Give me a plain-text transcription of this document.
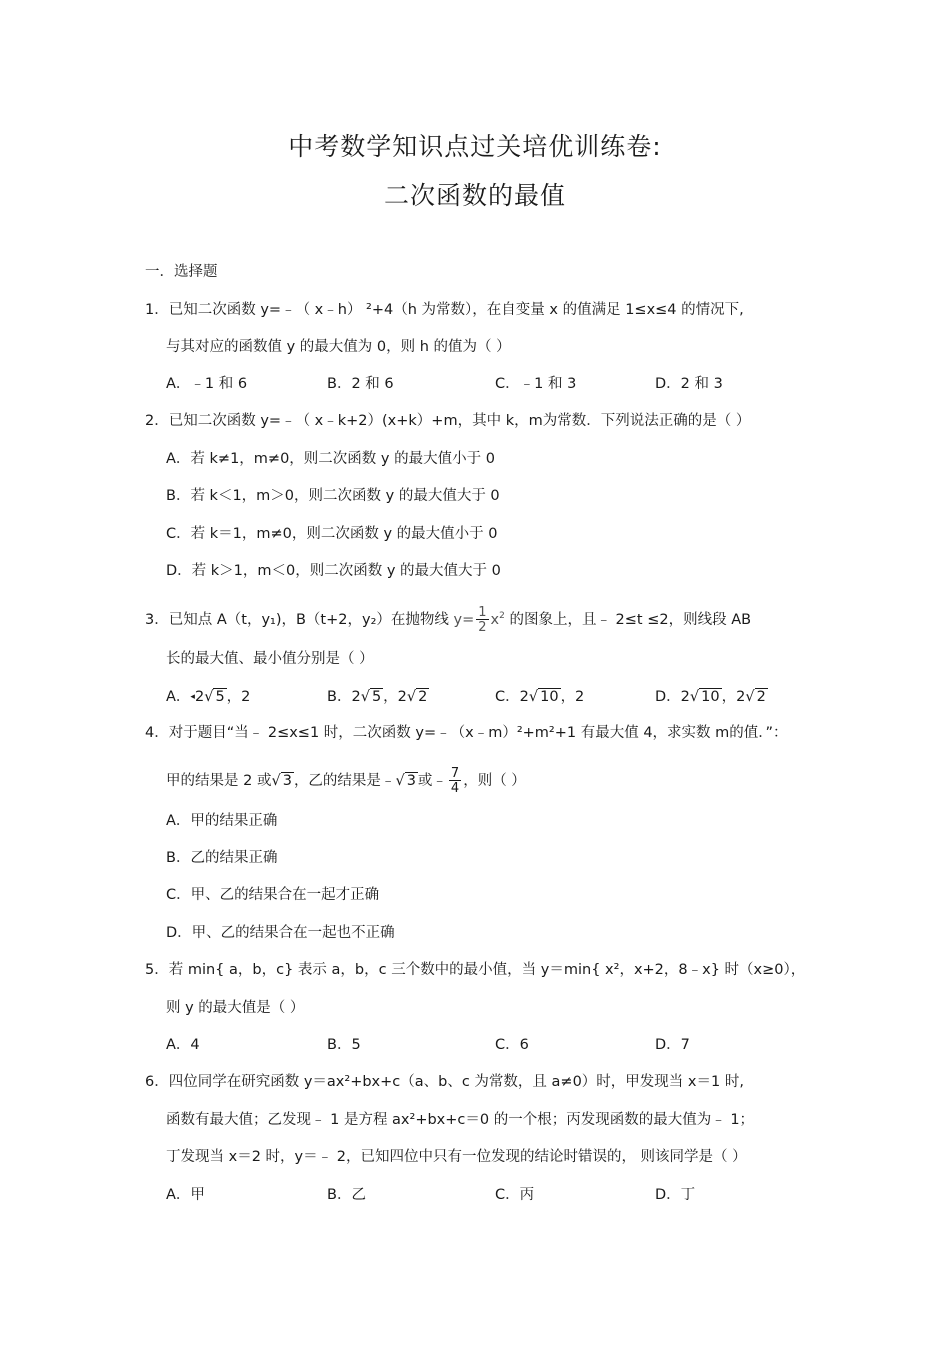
中考数学知识点过关培优训练卷:
二次函数的最值
一．选择题
1．已知二次函数 y=﹣（ x﹣h） ²+4（h 为常数），在自变量 x 的值满足 1≤x≤4 的情况下,
与其对应的函数值 y 的最大值为 0，则 h 的值为（ ）
A．﹣1 和 6	B．2 和 6	C．﹣1 和 3	D．2 和 3
2．已知二次函数 y=﹣（ x﹣k+2）(x+k）+m，其中 k，m为常数．下列说法正确的是（ ）
A．若 k≠1，m≠0，则二次函数 y 的最大值小于 0
B．若 k＜1，m＞0，则二次函数 y 的最大值大于 0
C．若 k＝1，m≠0，则二次函数 y 的最大值小于 0
D．若 k＞1，m＜0，则二次函数 y 的最大值大于 0
3．已知点 A（t，y₁)，B（t+2，y₂）在抛物线 $y= \frac{1}{2} x^2$ 的图象上，且﹣ 2≤t ≤2，则线段 AB
长的最大值、最小值分别是（ ）
A．◂2√ 5 ，2	B．2√ 5 ，2√ 2	C．2√ 10 ，2	D．2√ 10 ，2√ 2
4．对于题目“当﹣ 2≤x≤1 时，二次函数 y=﹣（x﹣m）²+m²+1 有最大值 4，求实数 m的值．”：
甲的结果是 2 或√ 3 ，乙的结果是﹣√ 3 或﹣ $\frac{7}{4}$ ，则（ ）
A．甲的结果正确
B．乙的结果正确
C．甲、乙的结果合在一起才正确
D．甲、乙的结果合在一起也不正确
5．若 min{ a，b，c} 表示 a，b，c 三个数中的最小值，当 y＝min{ x²，x+2，8﹣x} 时（x≥0），
则 y 的最大值是（ ）
A．4	B．5	C．6	D．7
6．四位同学在研究函数 y＝ax²+bx+c（a、b、c 为常数，且 a≠0）时，甲发现当 x＝1 时,
函数有最大值；乙发现﹣ 1 是方程 ax²+bx+c＝0 的一个根；丙发现函数的最大值为﹣ 1；
丁发现当 x＝2 时，y＝﹣ 2，已知四位中只有一位发现的结论时错误的， 则该同学是（ ）
A．甲	B．乙	C．丙	D．丁
